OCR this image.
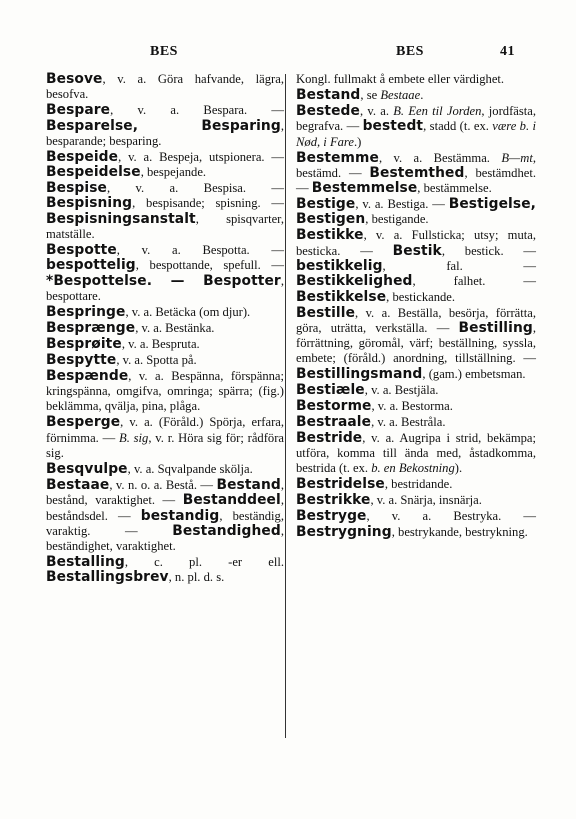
BES	BES	41

Besove, v. a. Göra hafvande, lägra, besofva.

Bespare, v. a. Bespara. — Besparelse, Besparing, besparande; besparing.

Bespeide, v. a. Bespeja, utspionera. — Bespeidelse, bespejande.

Bespise, v. a. Bespisa. — Bespisning, bespisande; spisning. — Bespisningsanstalt, spisqvarter, matställe.

Bespotte, v. a. Bespotta. — bespottelig, bespottande, spefull. — *Bespottelse. — Bespotter, bespottare.

Bespringe, v. a. Betäcka (om djur).

Besprænge, v. a. Bestänka.

Besprøite, v. a. Bespruta.

Bespytte, v. a. Spotta på.

Bespænde, v. a. Bespänna, förspänna; kringspänna, omgifva, omringa; spärra; (fig.) beklämma, qvälja, pina, plåga.

Besperge, v. a. (Föråld.) Spörja, erfara, förnimma. — B. sig, v. r. Höra sig för; rådföra sig.

Besqvulpe, v. a. Sqvalpande skölja.

Bestaae, v. n. o. a. Bestå. — Bestand, bestånd, varaktighet. — Bestanddeel, beståndsdel. — bestandig, beständig, varaktig. — Bestandighed, beständighet, varaktighet.

Bestalling, c. pl. -er ell. Bestallingsbrev, n. pl. d. s.

Kongl. fullmakt å embete eller värdighet.

Bestand, se Bestaae.

Bestede, v. a. B. Een til Jorden, jordfästa, begrafva. — bestedt, stadd (t. ex. være b. i Nød, i Fare.)

Bestemme, v. a. Bestämma. B—mt, bestämd. — Bestemthed, bestämdhet. — Bestemmelse, bestämmelse.

Bestige, v. a. Bestiga. — Bestigelse, Bestigen, bestigande.

Bestikke, v. a. Fullsticka; utsy; muta, besticka. — Bestik, bestick. — bestikkelig, fal. — Bestikkelighed, falhet. — Bestikkelse, bestickande.

Bestille, v. a. Beställa, besörja, förrätta, göra, uträtta, verkställa. — Bestilling, förrättning, göromål, värf; beställning, syssla, embete; (föråld.) anordning, tillställning. — Bestillingsmand, (gam.) embetsman.

Bestiæle, v. a. Bestjäla.

Bestorme, v. a. Bestorma.

Bestraale, v. a. Bestråla.

Bestride, v. a. Augripa i strid, bekämpa; utföra, komma till ända med, åstadkomma, bestrida (t. ex. b. en Bekostning).

Bestridelse, bestridande.

Bestrikke, v. a. Snärja, insnärja.

Bestryge, v. a. Bestryka. — Bestrygning, bestrykande, bestrykning.
